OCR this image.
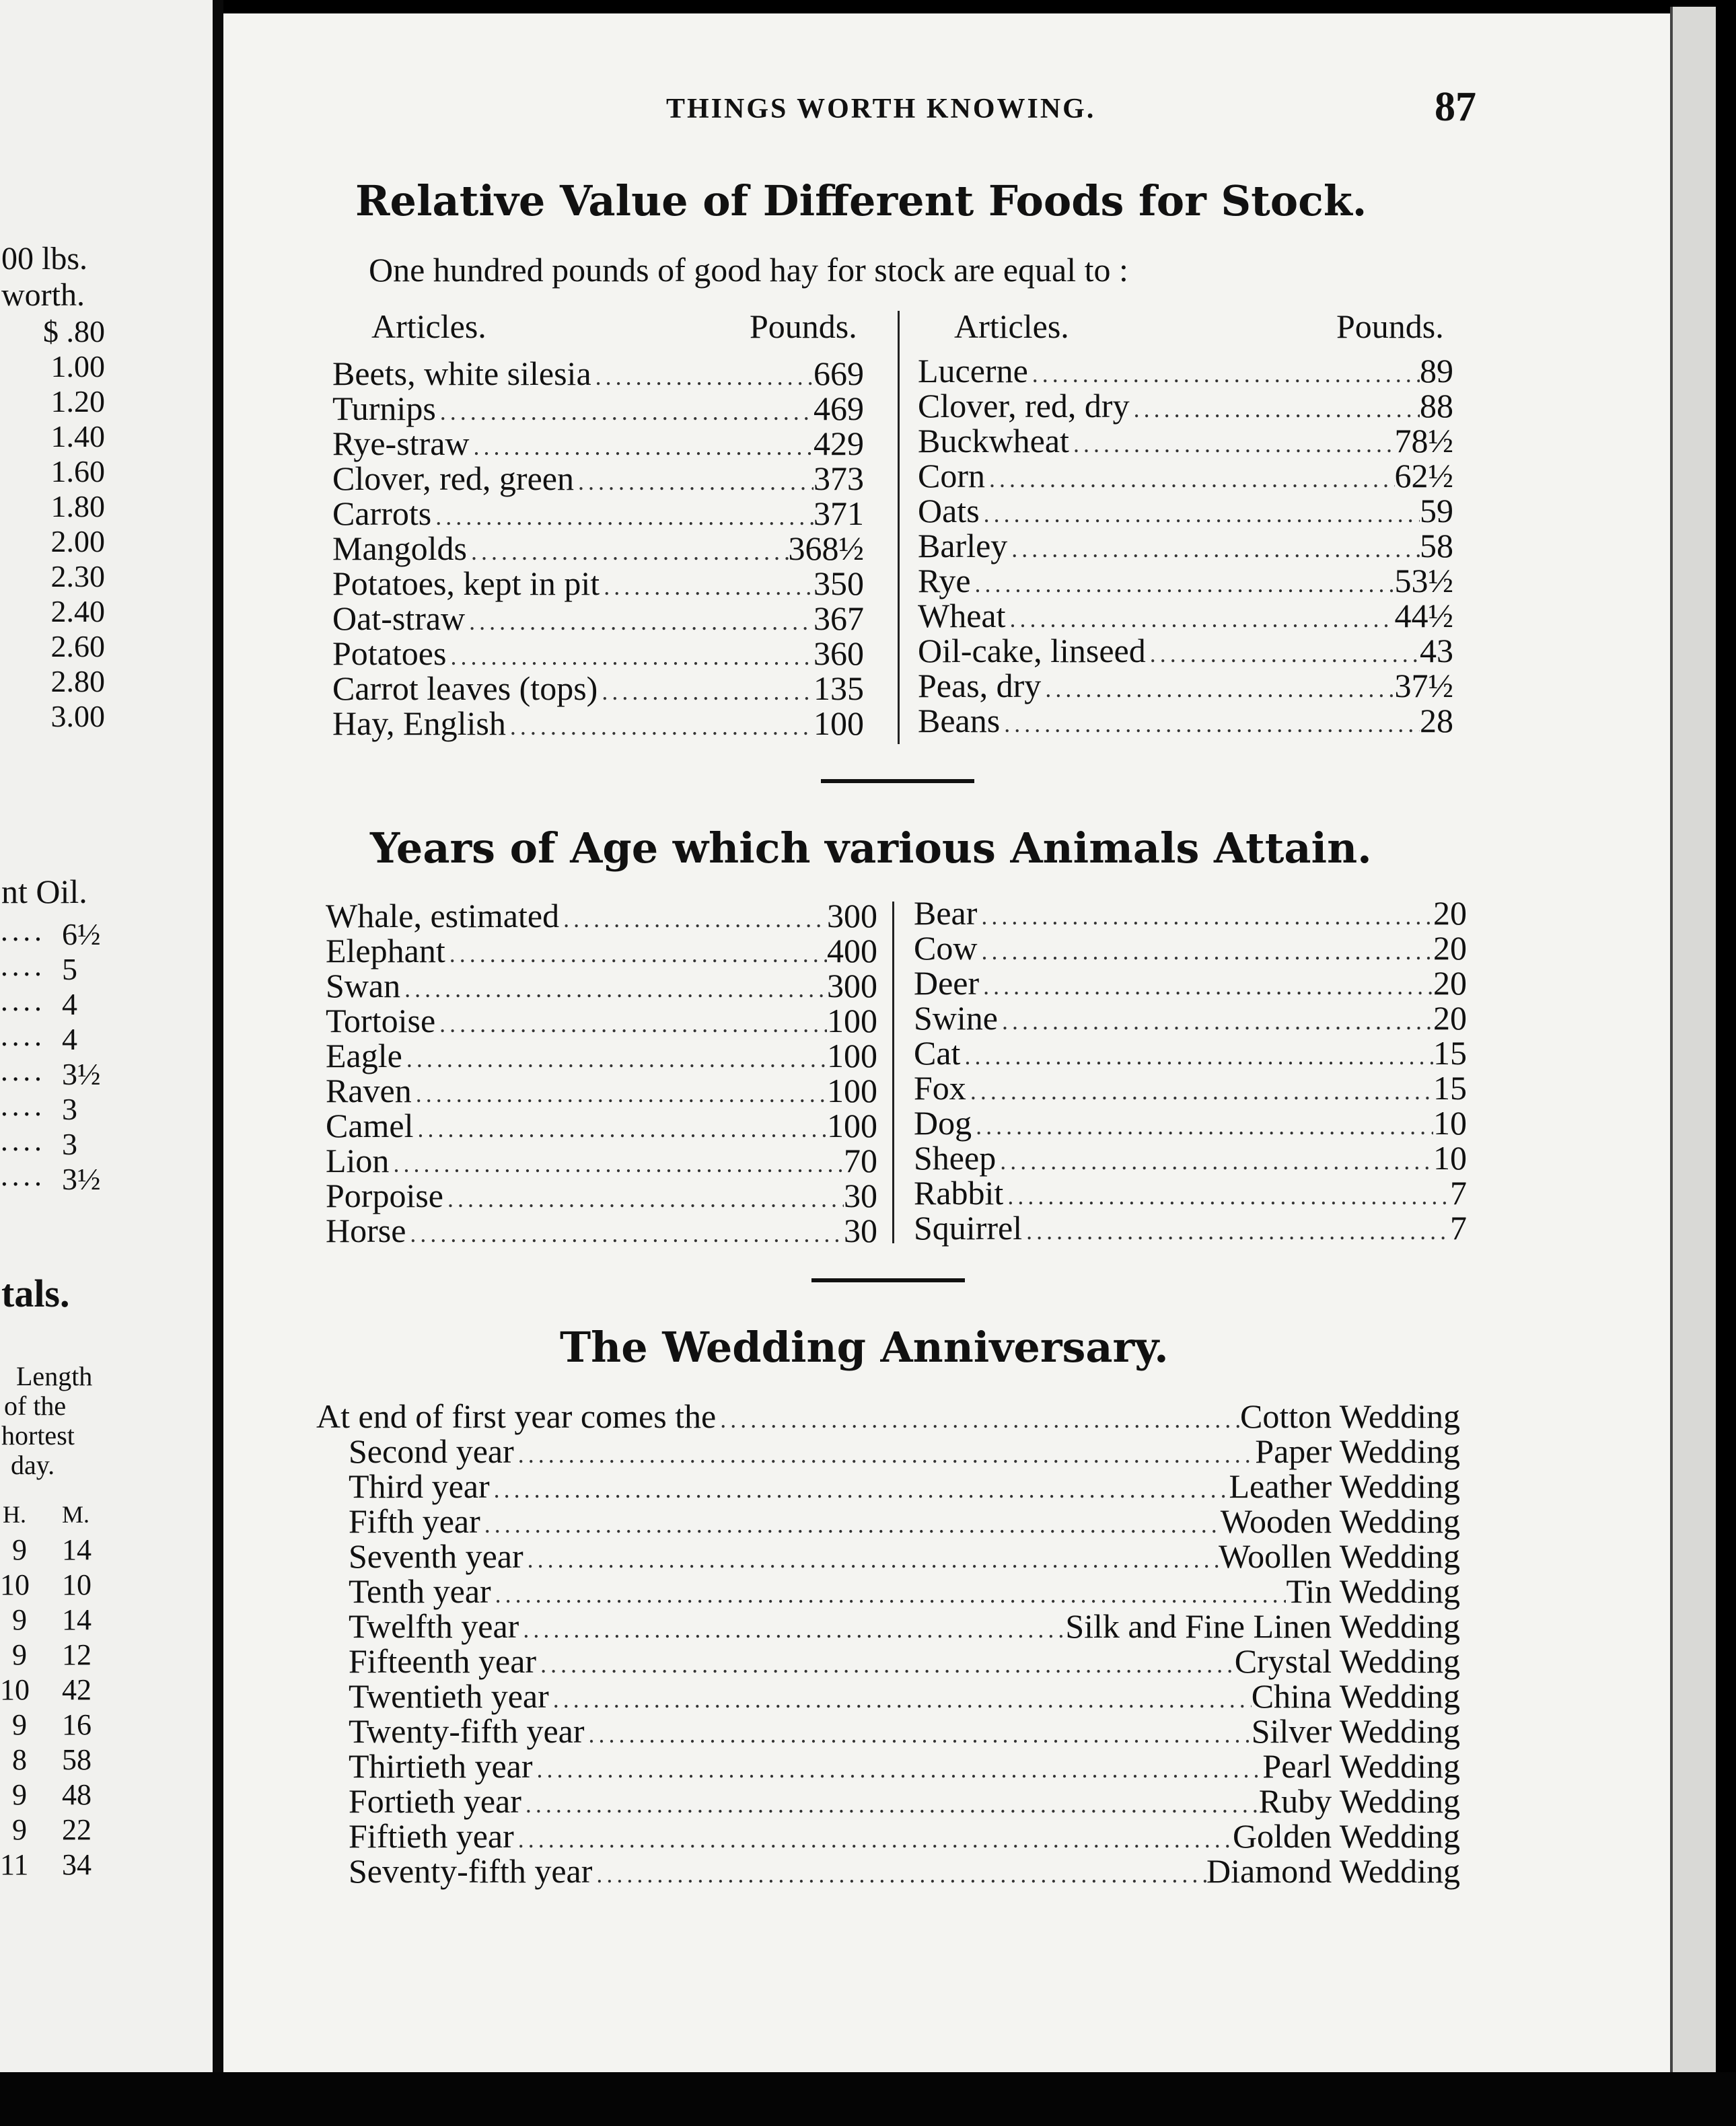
00 lbs.
worth.
nt Oil.
tals.
Length
of the
hortest
day.
H. M.
$ .80
1.00
1.20
1.40
1.60
1.80
2.00
2.30
2.40
2.60
2.80
3.00
.... 6½
.... 5
.... 4
.... 4
.... 3½
.... 3
.... 3
.... 3½
9 14
10 10
9 14
9 12
10 42
9 16
8 58
9 48
9 22
11 34
THINGS WORTH KNOWING.	87
Relative Value of Different Foods for Stock.
One hundred pounds of good hay for stock are equal to :
Articles.	Pounds.	Articles.	Pounds.
Beets, white silesia .....	669
Turnips .....	469
Rye-straw .....	429
Clover, red, green .....	373
Carrots .....	371
Mangolds .....	368½
Potatoes, kept in pit .....	350
Oat-straw .....	367
Potatoes .....	360
Carrot leaves (tops) .....	135
Hay, English .....	100
Lucerne .....	89
Clover, red, dry .....	88
Buckwheat .....	78½
Corn .....	62½
Oats .....	59
Barley .....	58
Rye .....	53½
Wheat .....	44½
Oil-cake, linseed .....	43
Peas, dry .....	37½
Beans .....	28
Years of Age which various Animals Attain.
Whale, estimated .....	300
Elephant .....	400
Swan .....	300
Tortoise .....	100
Eagle .....	100
Raven .....	100
Camel .....	100
Lion .....	70
Porpoise .....	30
Horse .....	30
Bear .....	20
Cow .....	20
Deer .....	20
Swine .....	20
Cat .....	15
Fox .....	15
Dog .....	10
Sheep .....	10
Rabbit .....	7
Squirrel .....	7
The Wedding Anniversary.
At end of first year comes the .....	Cotton Wedding
Second year .....	Paper Wedding
Third year .....	Leather Wedding
Fifth year .....	Wooden Wedding
Seventh year .....	Woollen Wedding
Tenth year .....	Tin Wedding
Twelfth year .....	Silk and Fine Linen Wedding
Fifteenth year .....	Crystal Wedding
Twentieth year .....	China Wedding
Twenty-fifth year .....	Silver Wedding
Thirtieth year .....	Pearl Wedding
Fortieth year .....	Ruby Wedding
Fiftieth year .....	Golden Wedding
Seventy-fifth year .....	Diamond Wedding
